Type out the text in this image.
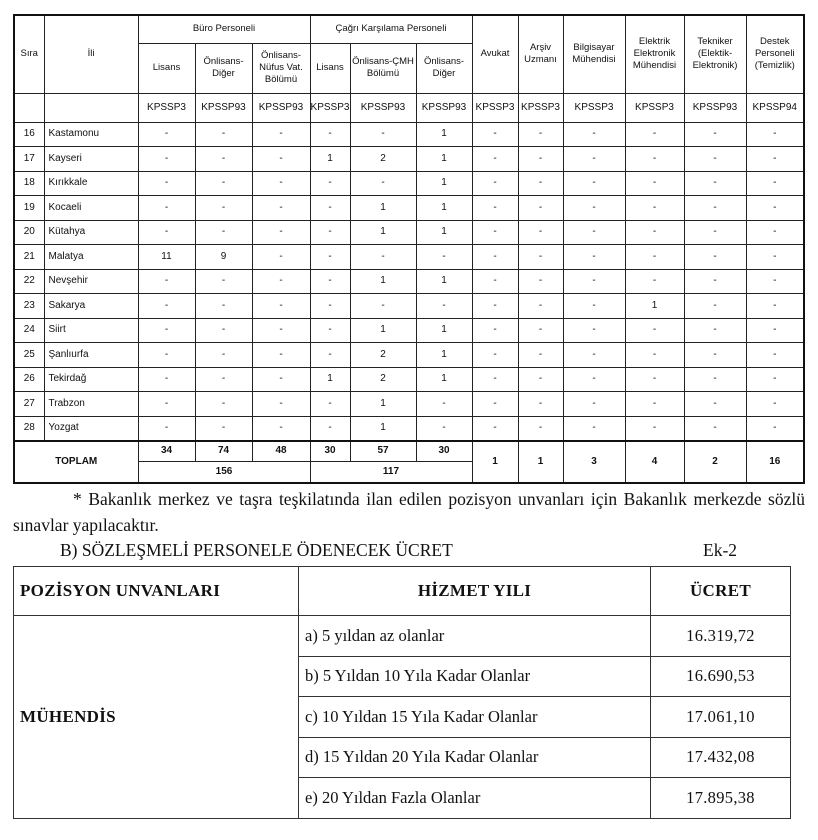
Sıra	İli	Büro Personeli	Çağrı Karşılama Personeli	Avukat	Arşiv Uzmanı	Bilgisayar Mühendisi	Elektrik Elektronik Mühendisi	Tekniker (Elektik-Elektronik)	Destek Personeli (Temizlik)
Lisans	Önlisans-Diğer	Önlisans-Nüfus Vat. Bölümü	Lisans	Önlisans-ÇMH Bölümü	Önlisans-Diğer
		KPSSP3	KPSSP93	KPSSP93	KPSSP3	KPSSP93	KPSSP93	KPSSP3	KPSSP3	KPSSP3	KPSSP3	KPSSP93	KPSSP94
16	Kastamonu	-	-	-	-	-	1	-	-	-	-	-	-
17	Kayseri	-	-	-	1	2	1	-	-	-	-	-	-
18	Kırıkkale	-	-	-	-	-	1	-	-	-	-	-	-
19	Kocaeli	-	-	-	-	1	1	-	-	-	-	-	-
20	Kütahya	-	-	-	-	1	1	-	-	-	-	-	-
21	Malatya	11	9	-	-	-	-	-	-	-	-	-	-
22	Nevşehir	-	-	-	-	1	1	-	-	-	-	-	-
23	Sakarya	-	-	-	-	-	-	-	-	-	1	-	-
24	Siirt	-	-	-	-	1	1	-	-	-	-	-	-
25	Şanlıurfa	-	-	-	-	2	1	-	-	-	-	-	-
26	Tekirdağ	-	-	-	1	2	1	-	-	-	-	-	-
27	Trabzon	-	-	-	-	1	-	-	-	-	-	-	-
28	Yozgat	-	-	-	-	1	-	-	-	-	-	-	-
TOPLAM	34	74	48	30	57	30	1	1	3	4	2	16
156	117

* Bakanlık merkez ve taşra teşkilatında ilan edilen pozisyon unvanları için Bakanlık merkezde sözlü sınavlar yapılacaktır.

B) SÖZLEŞMELİ PERSONELE ÖDENECEK ÜCRET	Ek-2

POZİSYON UNVANLARI	HİZMET YILI	ÜCRET
MÜHENDİS	a) 5 yıldan az olanlar	16.319,72
b) 5 Yıldan 10 Yıla Kadar Olanlar	16.690,53
c) 10 Yıldan 15 Yıla Kadar Olanlar	17.061,10
d) 15 Yıldan 20 Yıla Kadar Olanlar	17.432,08
e) 20 Yıldan Fazla Olanlar	17.895,38
